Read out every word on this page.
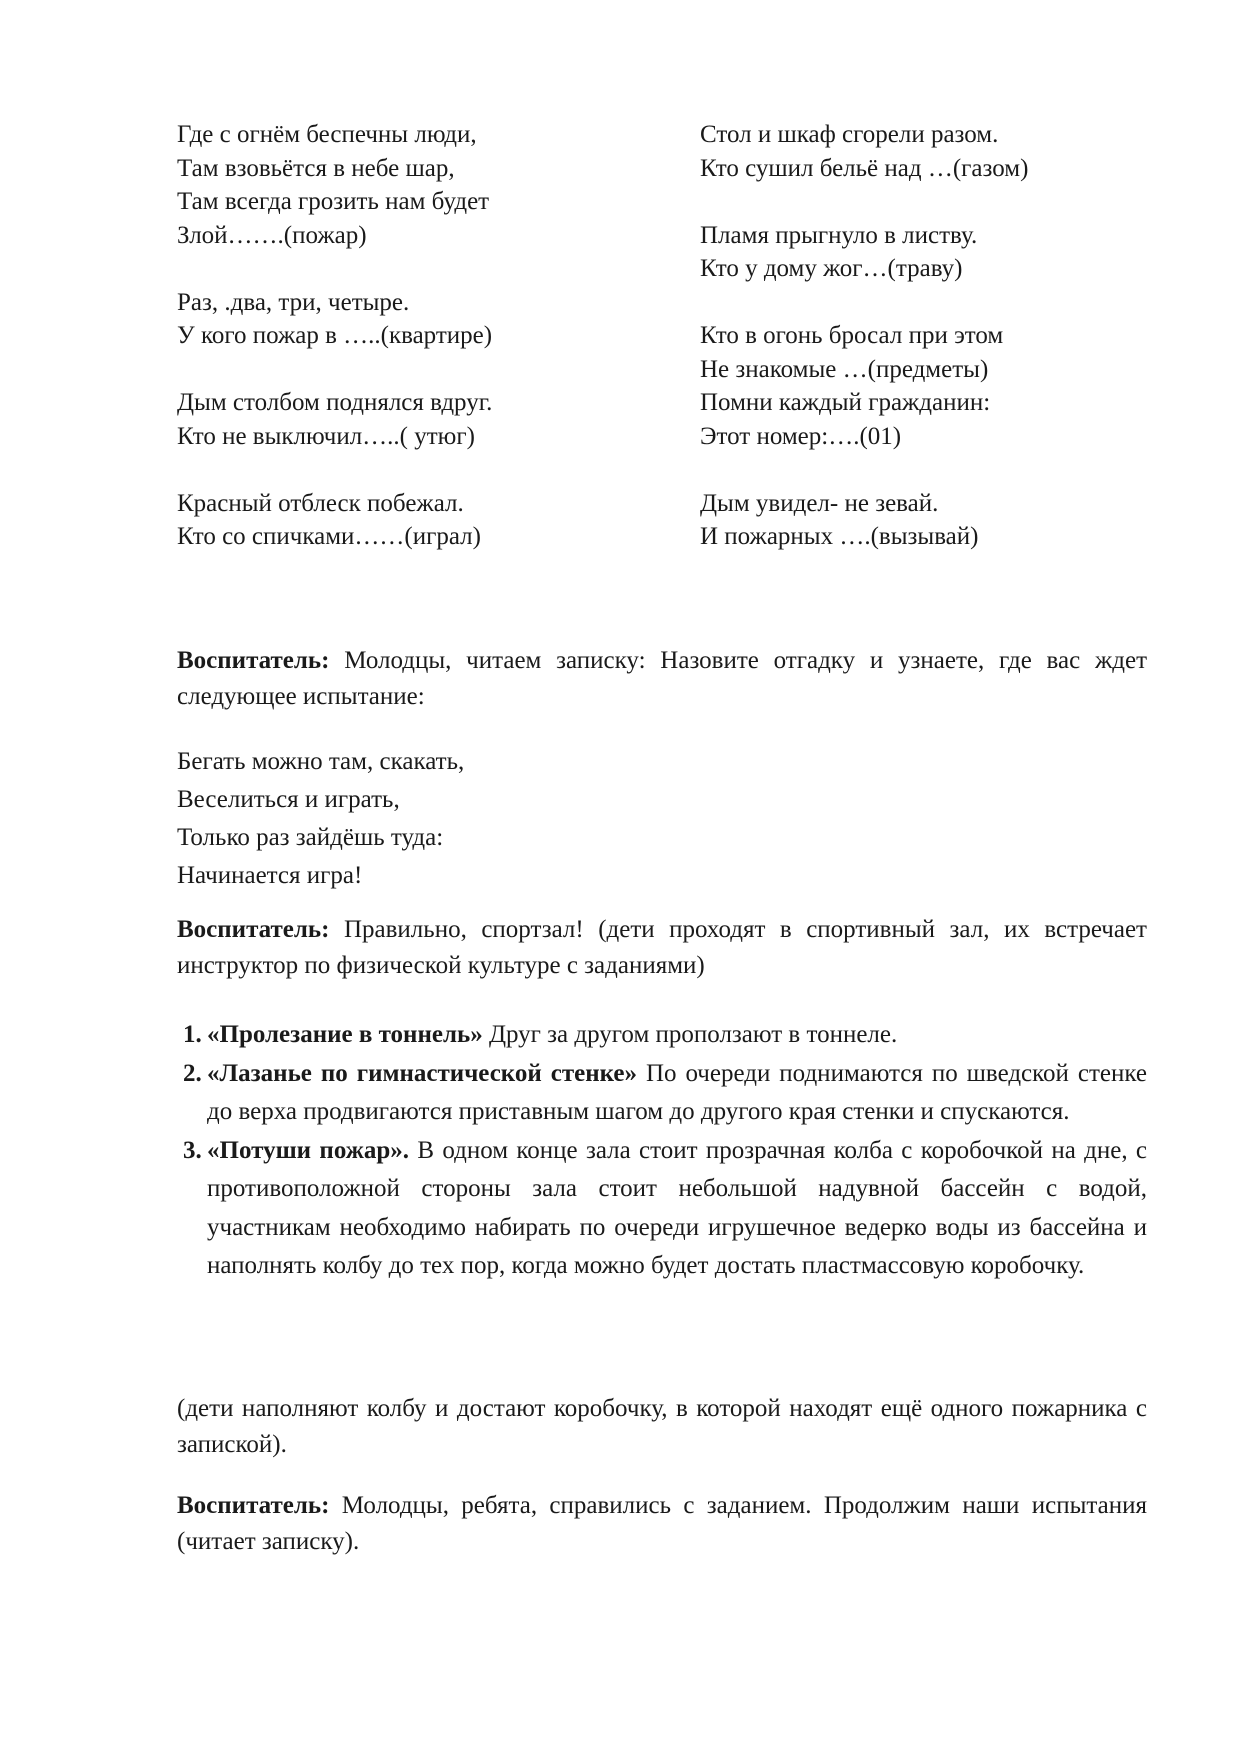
Где с огнём беспечны люди,
Там взовьётся в небе шар,
Там всегда грозить нам будет
Злой…….(пожар)
Раз, .два, три, четыре.
У кого пожар в …..(квартире)
Дым столбом поднялся вдруг.
Кто не выключил…..( утюг)
Красный отблеск побежал.
Кто со спичками……(играл)
Стол и шкаф сгорели разом.
Кто сушил бельё над …(газом)
Пламя прыгнуло в листву.
Кто у дому жог…(траву)
Кто в огонь бросал при этом
Не знакомые …(предметы)
Помни каждый гражданин:
Этот номер:….(01)
Дым увидел- не зевай.
И пожарных ….(вызывай)

Воспитатель: Молодцы, читаем записку: Назовите отгадку и узнаете, где вас ждет следующее испытание:

Бегать можно там, скакать,
Веселиться и играть,
Только раз зайдёшь туда:
Начинается игра!

Воспитатель: Правильно, спортзал! (дети проходят в спортивный зал, их встречает инструктор по физической культуре с заданиями)

1. «Пролезание в тоннель» Друг за другом проползают в тоннеле.
2. «Лазанье по гимнастической стенке» По очереди поднимаются по шведской стенке до верха продвигаются приставным шагом до другого края стенки и спускаются.
3. «Потуши пожар». В одном конце зала стоит прозрачная колба с коробочкой на дне, с противоположной стороны зала стоит небольшой надувной бассейн с водой, участникам необходимо набирать по очереди игрушечное ведерко воды из бассейна и наполнять колбу до тех пор, когда можно будет достать пластмассовую коробочку.

(дети наполняют колбу и достают коробочку, в которой находят ещё одного пожарника с запиской).

Воспитатель: Молодцы, ребята, справились с заданием. Продолжим наши испытания (читает записку).
